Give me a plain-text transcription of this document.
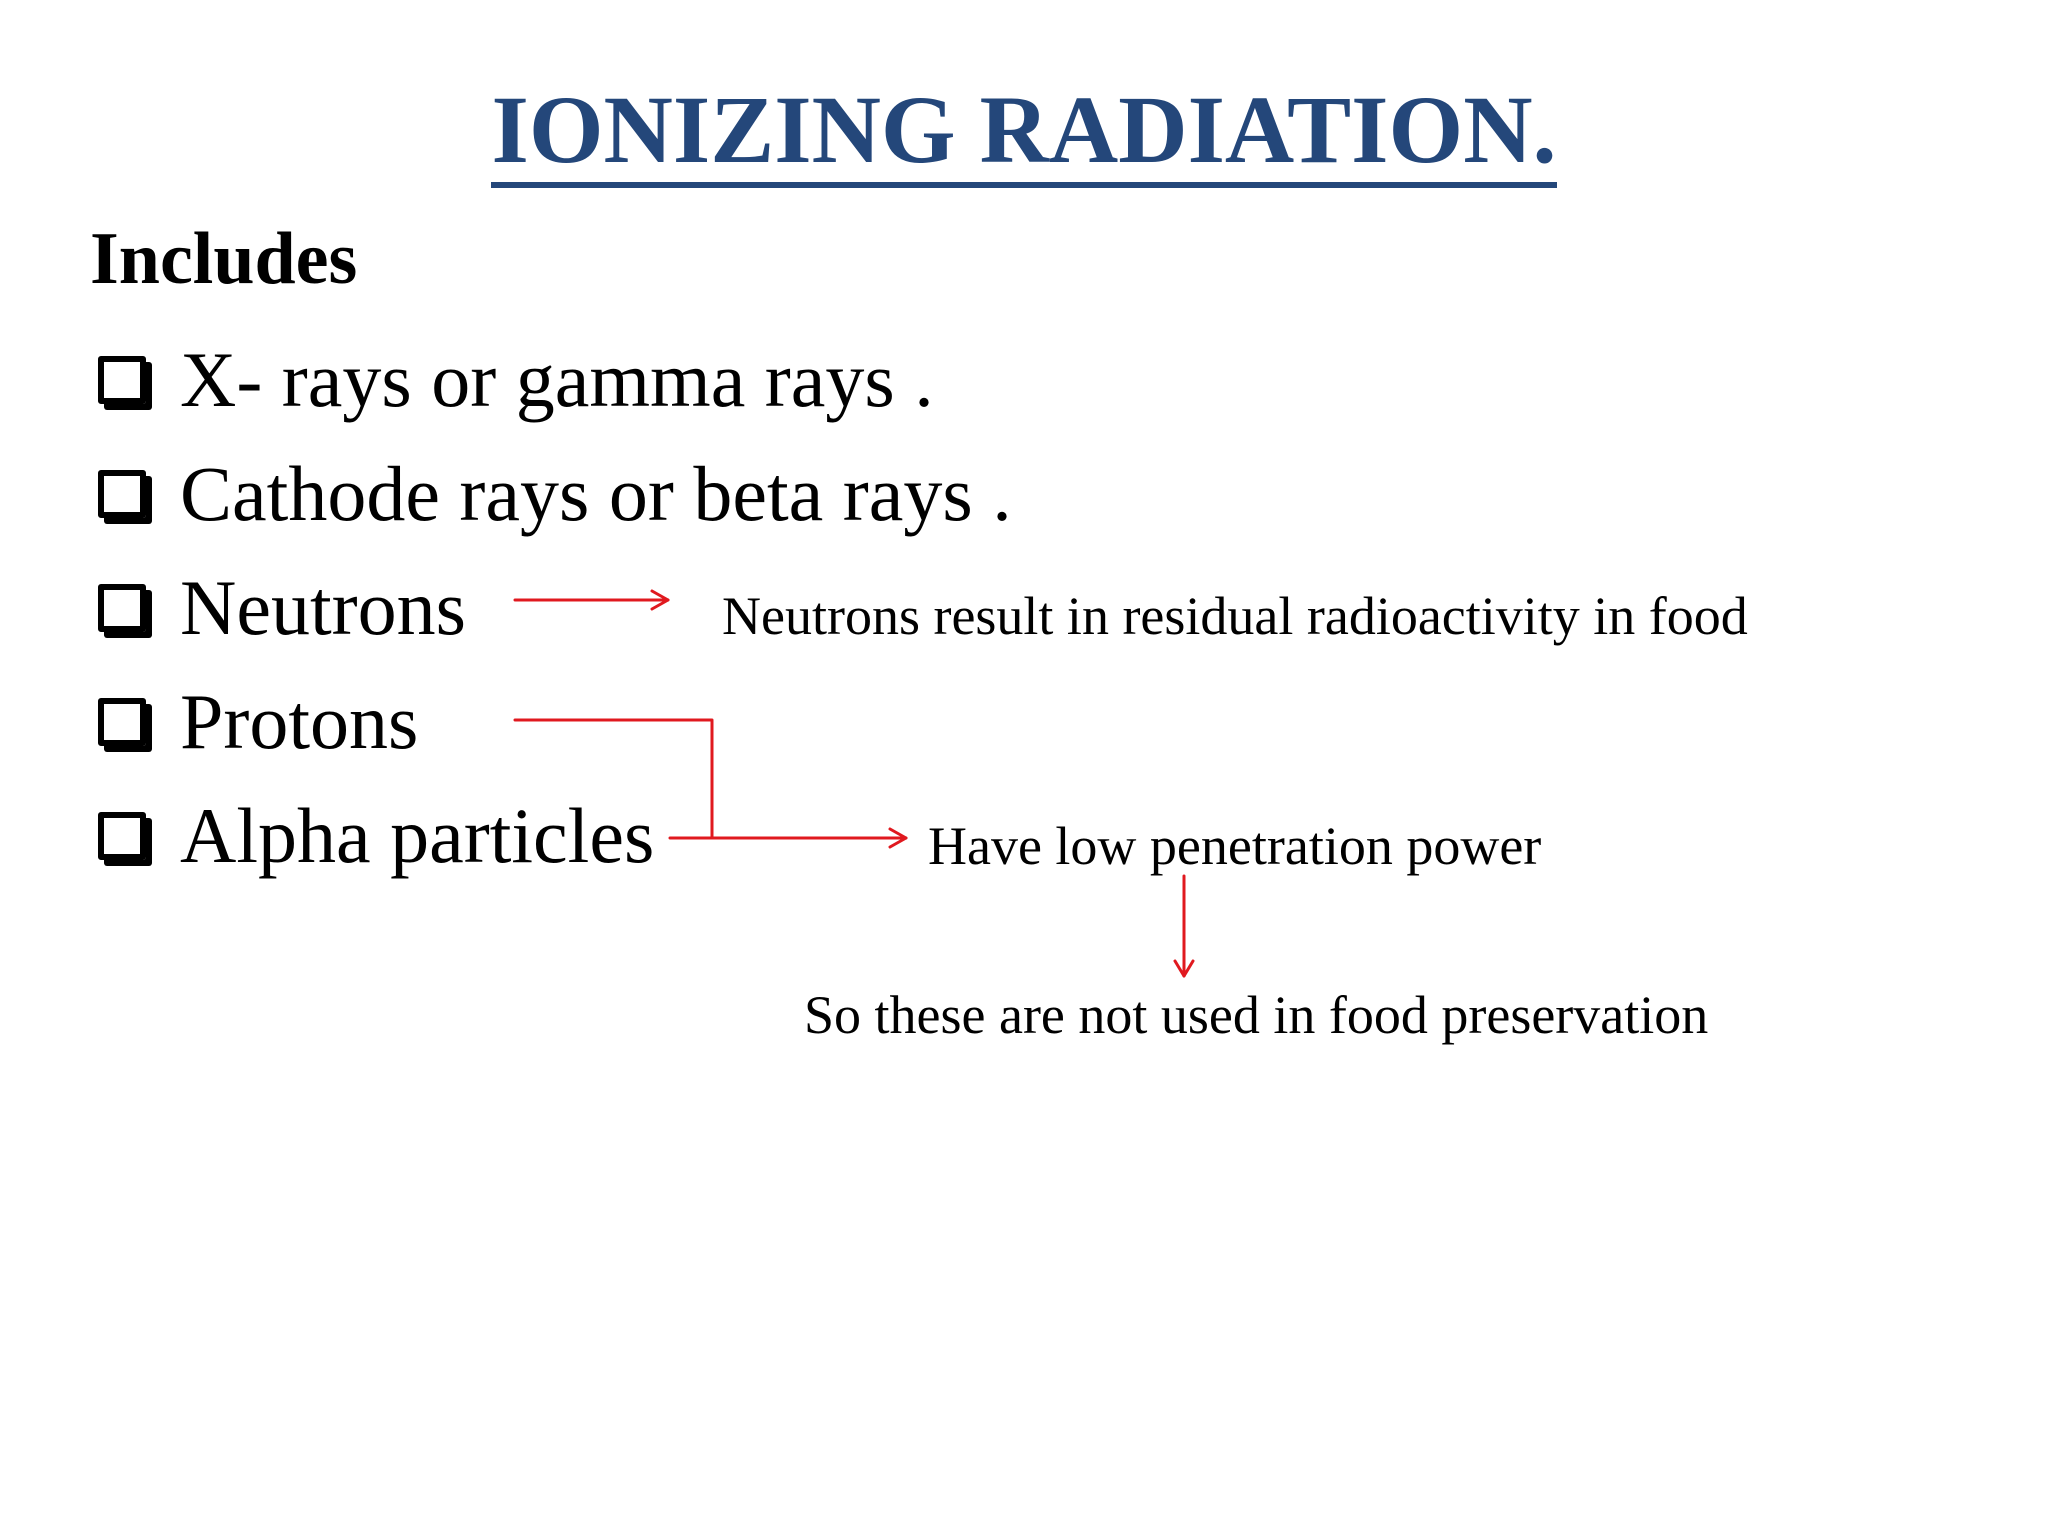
IONIZING RADIATION.
Includes
X- rays or gamma rays .
Cathode rays or beta rays .
Neutrons
Protons
Alpha particles
Neutrons result in residual radioactivity in food
Have low penetration power
So these are not used in food preservation
